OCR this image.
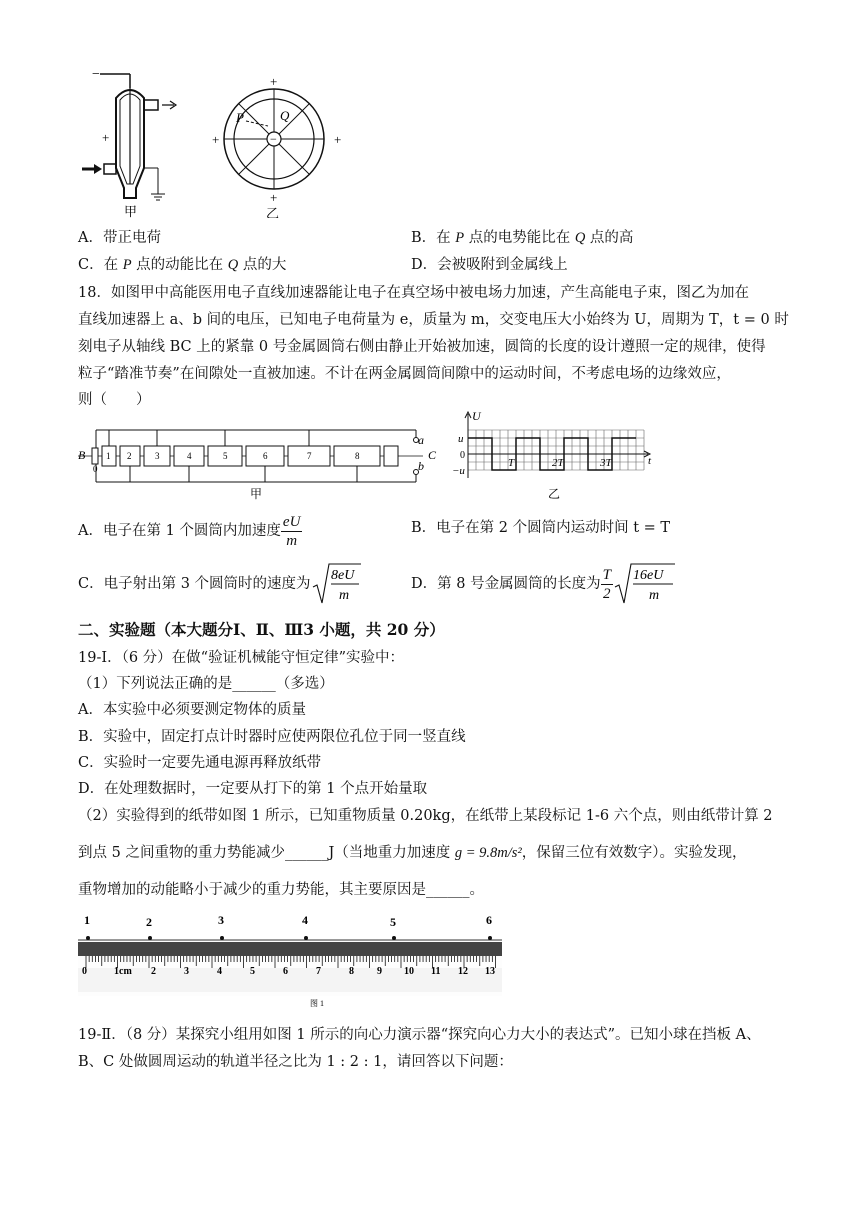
−
+
甲
+
+
+	+
−
P	Q
乙
A．带正电荷	B．在 P 点的电势能比在 Q 点的高
C．在 P 点的动能比在 Q 点的大	D．会被吸附到金属线上
18．如图甲中高能医用电子直线加速器能让电子在真空场中被电场力加速，产生高能电子束，图乙为加在
直线加速器上 a、b 间的电压，已知电子电荷量为 e，质量为 m，交变电压大小始终为 U，周期为 T，t = 0 时
刻电子从轴线 BC 上的紧靠 0 号金属圆筒右侧由静止开始被加速，圆筒的长度的设计遵照一定的规律，使得
粒子“踏准节奏”在间隙处一直被加速。不计在两金属圆筒间隙中的运动时间，不考虑电场的边缘效应，
则（　　）
a
b
B	C
0
1 2	3	4	5	6	7	8
甲
U
t
u
0
−u
T	2T	3T
乙
A．电子在第 1 个圆筒内加速度 $\frac{eU}{m}$	B．电子在第 2 个圆筒内运动时间 t = T
C．电子射出第 3 个圆筒时的速度为
8eU
m
D．第 8 号金属圆筒的长度为 $\frac{T}{2} 16eU$
m
二、实验题（本大题分Ⅰ、Ⅱ、Ⅲ3 小题，共 20 分）
19-Ⅰ．（6 分）在做“验证机械能守恒定律”实验中：
（1）下列说法正确的是______（多选）
A．本实验中必须要测定物体的质量
B．实验中，固定打点计时器时应使两限位孔位于同一竖直线
C．实验时一定要先通电源再释放纸带
D．在处理数据时，一定要从打下的第 1 个点开始量取
（2）实验得到的纸带如图 1 所示，已知重物质量 0.20kg，在纸带上某段标记 1-6 六个点，则由纸带计算 2
到点 5 之间重物的重力势能减少______J（当地重力加速度 g = 9.8m/s²，保留三位有效数字）。实验发现，
重物增加的动能略小于减少的重力势能，其主要原因是______。
1	2	3	4	5	6
0	1cm 2	3	4	5	6	7	8 9 10 11 12 13
图 1
19-Ⅱ．（8 分）某探究小组用如图 1 所示的向心力演示器“探究向心力大小的表达式”。已知小球在挡板 A、
B、C 处做圆周运动的轨道半径之比为 1 : 2 : 1，请回答以下问题：
